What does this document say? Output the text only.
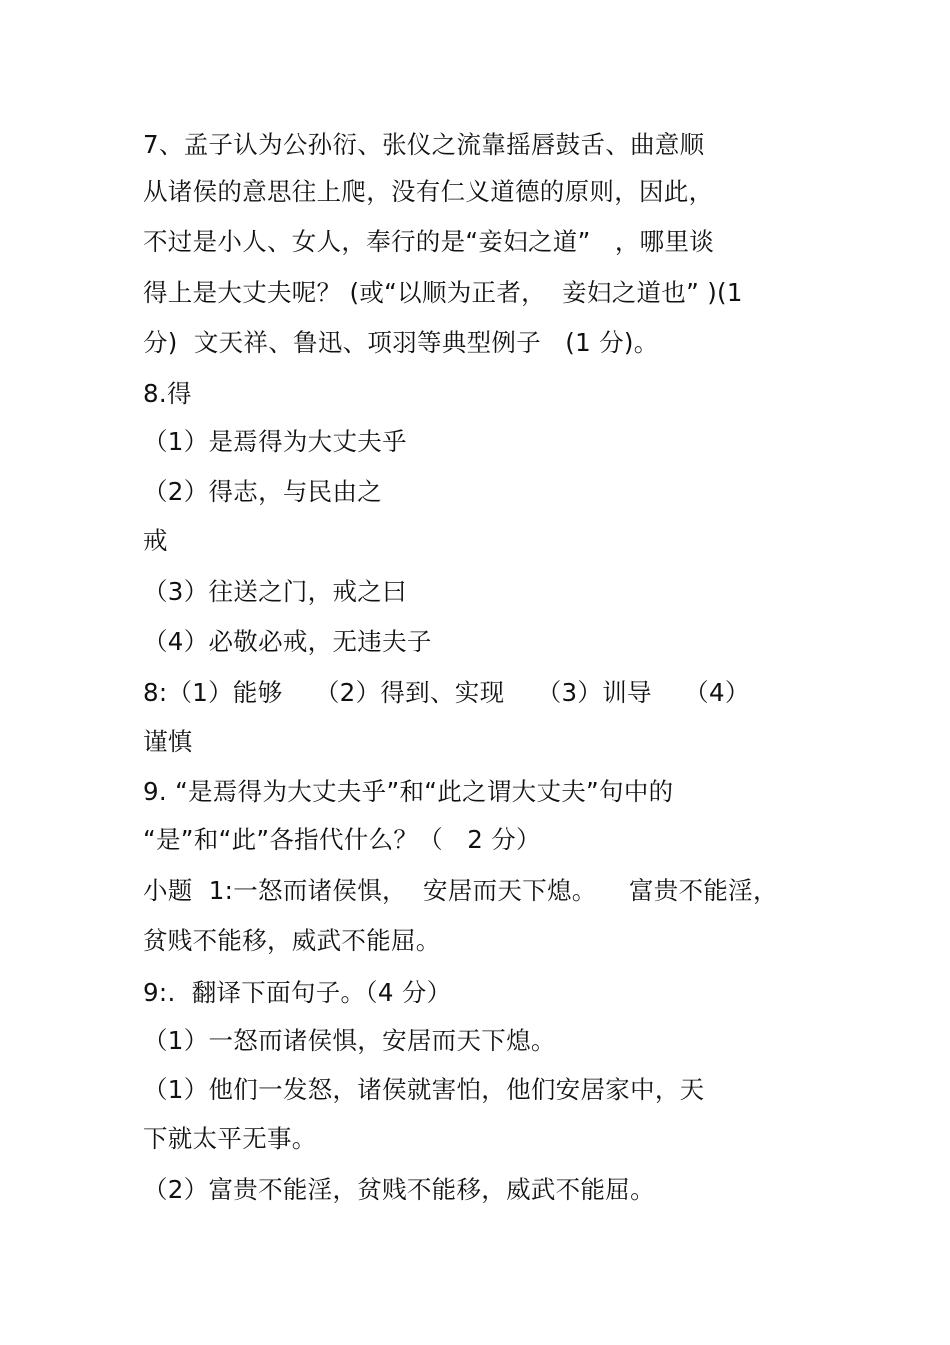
7、孟子认为公孙衍、张仪之流靠摇唇鼓舌、曲意顺
从诸侯的意思往上爬，没有仁义道德的原则，因此，
不过是小人、女人，奉行的是“妾妇之道”   ，哪里谈
得上是大丈夫呢？ (或“以顺为正者，  妾妇之道也” )(1
分)  文天祥、鲁迅、项羽等典型例子   (1 分)。
8.得
（1）是焉得为大丈夫乎
（2）得志，与民由之
戒
（3）往送之门，戒之曰
（4）必敬必戒，无违夫子
8:（1）能够    （2）得到、实现    （3）训导    （4）
谨慎
9. “是焉得为大丈夫乎”和“此之谓大丈夫”句中的
“是”和“此”各指代什么？（   2 分）
小题  1:一怒而诸侯惧，  安居而天下熄。    富贵不能淫，
贫贱不能移，威武不能屈。
9:.  翻译下面句子。（4 分）
（1）一怒而诸侯惧，安居而天下熄。
（1）他们一发怒，诸侯就害怕，他们安居家中，天
下就太平无事。
（2）富贵不能淫，贫贱不能移，威武不能屈。
